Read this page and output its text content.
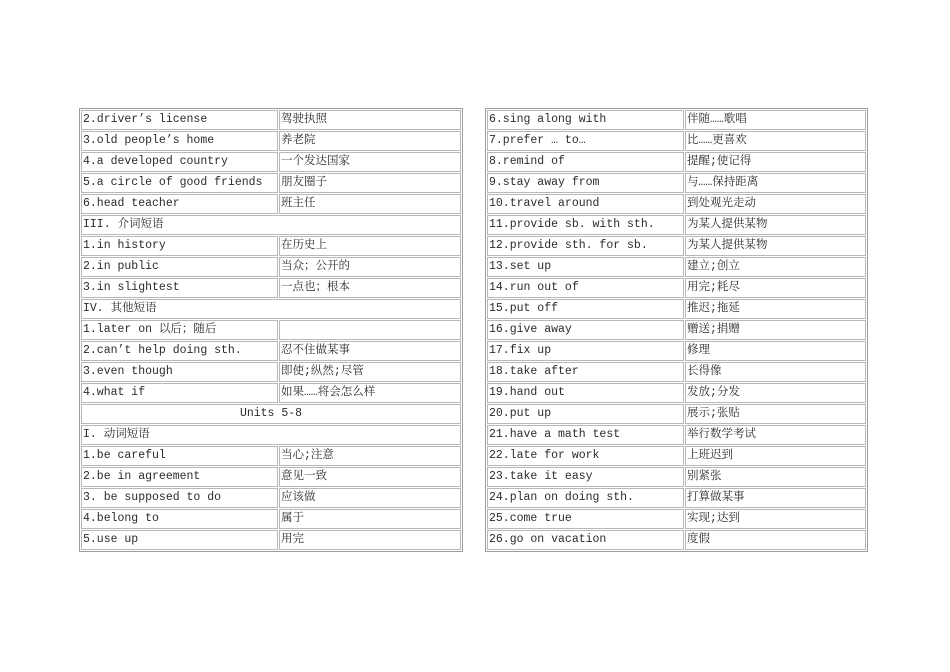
2.driver’s license	驾驶执照
3.old people’s home	养老院
4.a developed country	一个发达国家
5.a circle of good friends	朋友圈子
6.head teacher	班主任
III. 介词短语	
1.in history	在历史上
2.in public	当众；公开的
3.in slightest	一点也；根本
IV. 其他短语	
1.later on 以后；随后	
2.can’t help doing sth.	忍不住做某事
3.even though	即使;纵然;尽管
4.what if	如果……将会怎么样
Units 5-8	
I. 动词短语	
1.be careful	当心;注意
2.be in agreement	意见一致
3. be supposed to do	应该做
4.belong to	属于
5.use up	用完
6.sing along with	伴随……歌唱
7.prefer … to…	比……更喜欢
8.remind of	提醒;使记得
9.stay away from	与……保持距离
10.travel around	到处观光走动
11.provide sb. with sth.	为某人提供某物
12.provide sth. for sb.	为某人提供某物
13.set up	建立;创立
14.run out of	用完;耗尽
15.put off	推迟;拖延
16.give away	赠送;捐赠
17.fix up	修理
18.take after	长得像
19.hand out	发放;分发
20.put up	展示;张贴
21.have a math test	举行数学考试
22.late for work	上班迟到
23.take it easy	别紧张
24.plan on doing sth.	打算做某事
25.come true	实现;达到
26.go on vacation	度假
